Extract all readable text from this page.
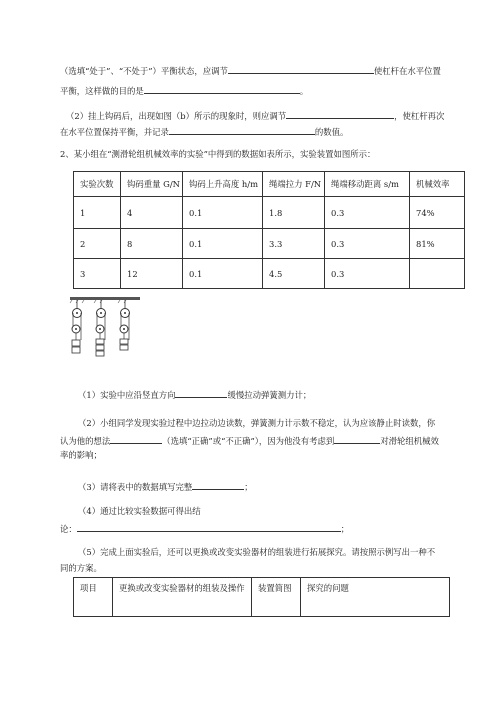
（选填“处于”、“不处于”）平衡状态，应调节	使杠杆在水平位置
平衡，这样做的目的是	。
（2）挂上钩码后，出现如图（b）所示的现象时，则应调节	，使杠杆再次
在水平位置保持平衡，并记录	的数值。
2、某小组在“测滑轮组机械效率的实验”中得到的数据如表所示，实验装置如图所示：
实验次数	钩码重量 G/N	钩码上升高度 h/m	绳端拉力 F/N	绳端移动距离 s/m	机械效率
1	4	0.1	1.8	0.3	74%
2	8	0.1	3.3	0.3	81%
3	12	0.1	4.5	0.3	
（1）实验中应沿竖直方向	缓慢拉动弹簧测力计；
（2）小组同学发现实验过程中边拉动边读数，弹簧测力计示数不稳定，认为应该静止时读数，你
认为他的想法	（选填“正确”或“不正确”），因为他没有考虑到	对滑轮组机械效
率的影响；
（3）请将表中的数据填写完整	；
（4）通过比较实验数据可得出结
论：	；
（5）完成上面实验后，还可以更换或改变实验器材的组装进行拓展探究。请按照示例写出一种不
同的方案。
项目	更换或改变实验器材的组装及操作	装置简图	探究的问题
